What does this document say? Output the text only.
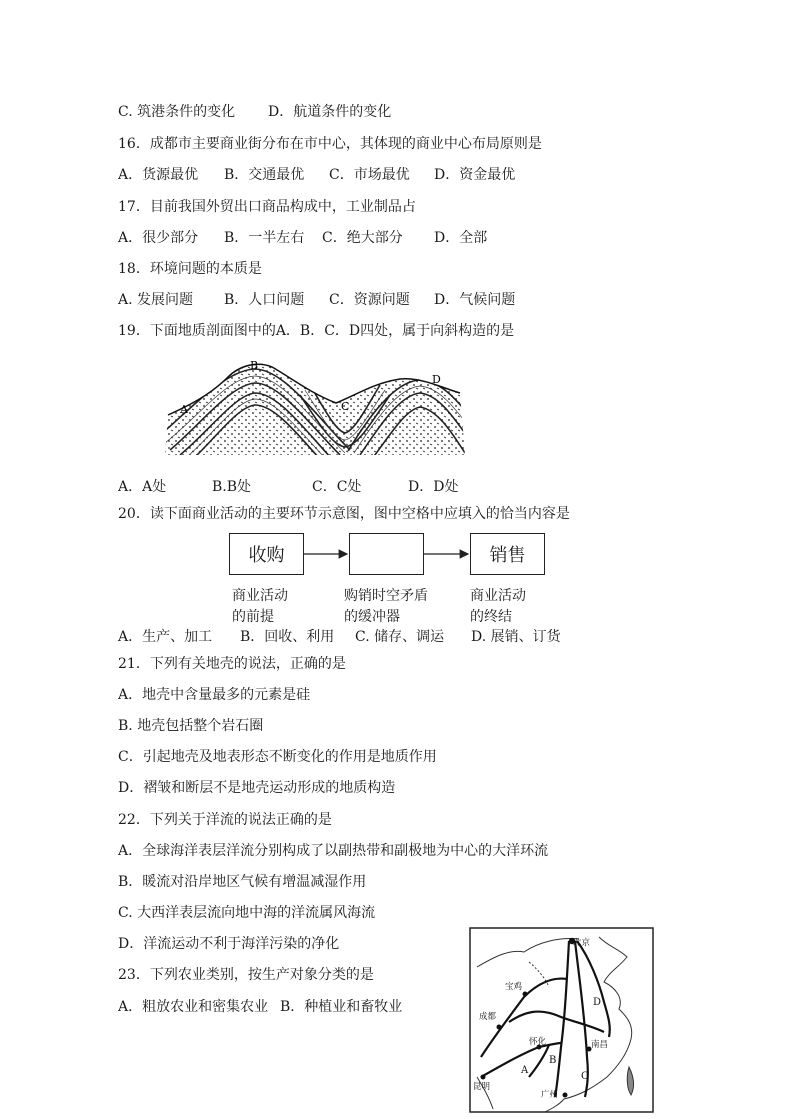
C. 筑港条件的变化 D．航道条件的变化
16．成都市主要商业街分布在市中心，其体现的商业中心布局原则是
A．货源最优 B．交通最优 C．市场最优 D．资金最优
17．目前我国外贸出口商品构成中，工业制品占
A．很少部分 B．一半左右 C．绝大部分 D．全部
18．环境问题的本质是
A. 发展问题 B．人口问题 C．资源问题 D．气候问题
19．下面地质剖面图中的A．B．C．D四处，属于向斜构造的是
A
B
C
D
A．A处	B.B处	C．C处	D．D处
20．读下面商业活动的主要环节示意图，图中空格中应填入的恰当内容是
收购	销售
商业活动
的前提
购销时空矛盾
的缓冲器
商业活动
的终结
A．生产、加工 B．回收、利用 C. 储存、调运 D. 展销、订货
21．下列有关地壳的说法，正确的是
A．地壳中含量最多的元素是硅
B. 地壳包括整个岩石圈
C．引起地壳及地表形态不断变化的作用是地质作用
D．褶皱和断层不是地壳运动形成的地质构造
22．下列关于洋流的说法正确的是
A．全球海洋表层洋流分别构成了以副热带和副极地为中心的大洋环流
B．暖流对沿岸地区气候有增温减湿作用
C. 大西洋表层流向地中海的洋流属风海流
D．洋流运动不利于海洋污染的净化
23．下列农业类别，按生产对象分类的是
A．粗放农业和密集农业 B．种植业和畜牧业
北京
宝鸡
成都
怀化	南昌
广州
昆明
A
B
C
D
